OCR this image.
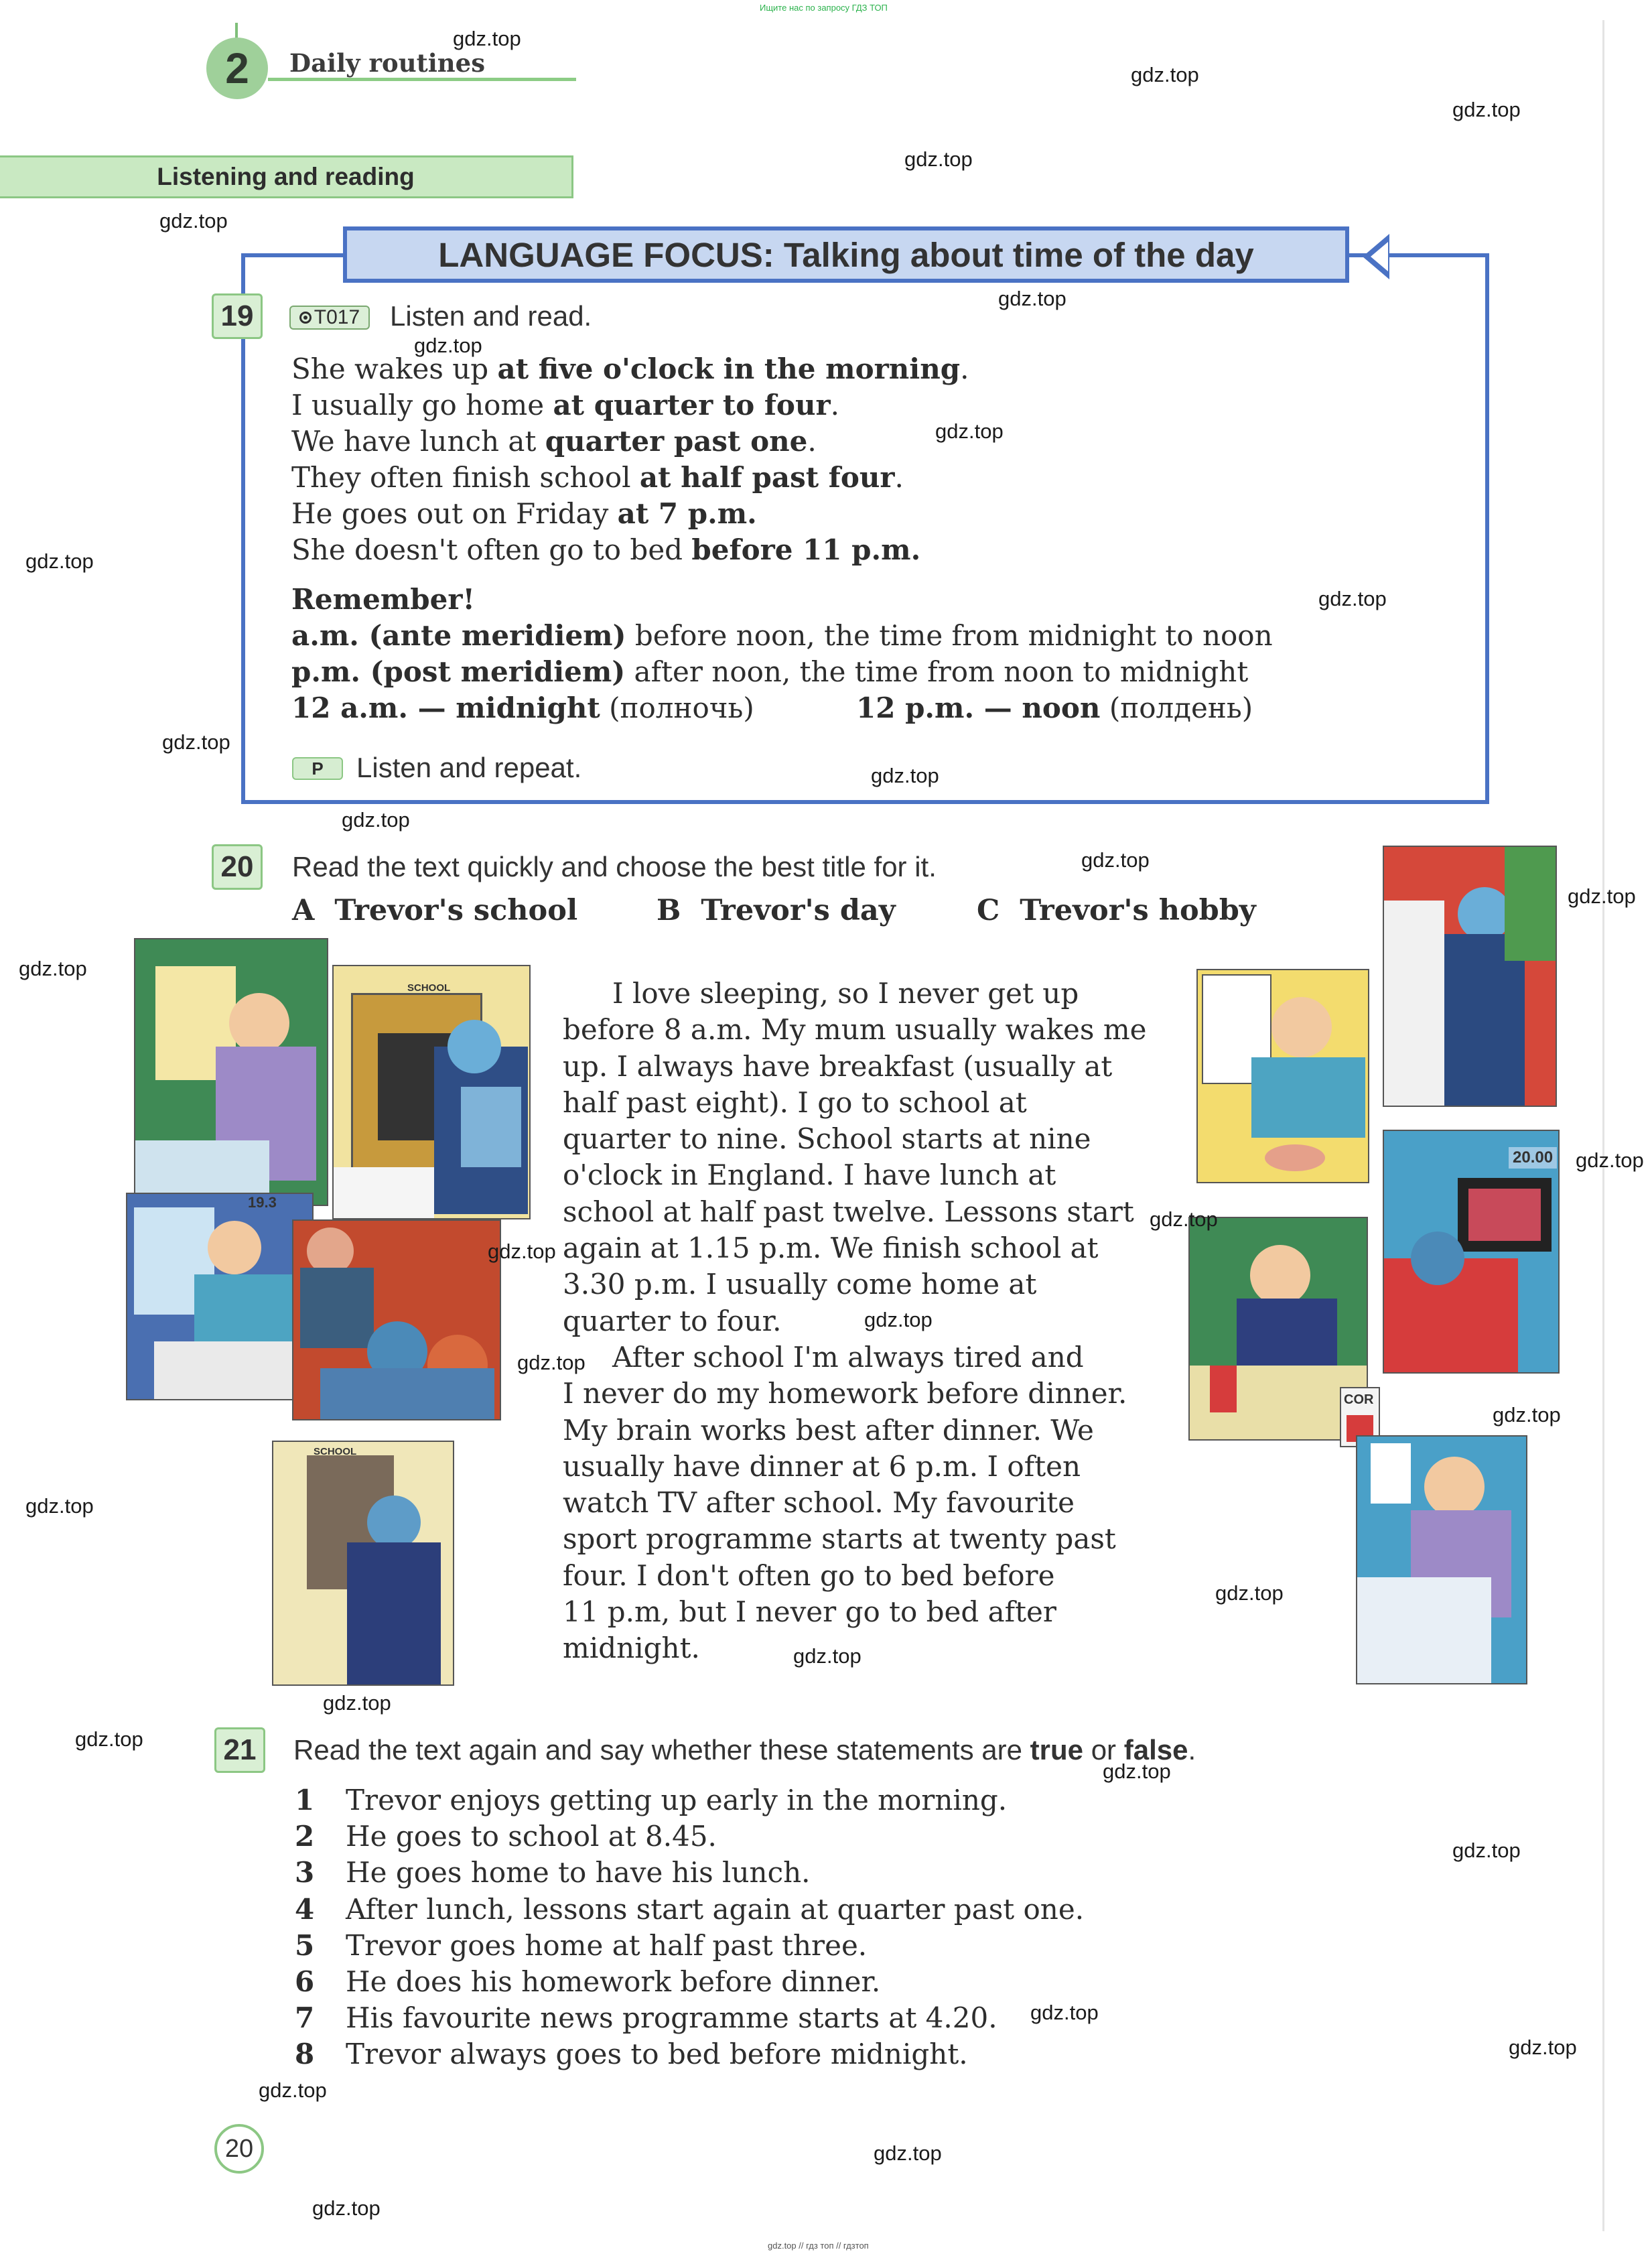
Ищите нас по запросу ГДЗ ТОП
2	Daily routines
Listening and reading
LANGUAGE FOCUS: Talking about time of the day
19	T017 Listen and read.
She wakes up at five o'clock in the morning.
I usually go home at quarter to four.
We have lunch at quarter past one.
They often finish school at half past four.
He goes out on Friday at 7 p.m.
She doesn't often go to bed before 11 p.m.
Remember!
a.m. (ante meridiem) before noon, the time from midnight to noon
p.m. (post meridiem) after noon, the time from noon to midnight
12 a.m. — midnight (полночь)	12 p.m. — noon (полдень)
P	Listen and repeat.
20	Read the text quickly and choose the best title for it.
A Trevor's school	B Trevor's day	C Trevor's hobby

I love sleeping, so I never get up

before 8 a.m. My mum usually wakes me

up. I always have breakfast (usually at

half past eight). I go to school at

quarter to nine. School starts at nine

o'clock in England. I have lunch at

school at half past twelve. Lessons start

again at 1.15 p.m. We finish school at

3.30 p.m. I usually come home at

quarter to four.

After school I'm always tired and

I never do my homework before dinner.

My brain works best after dinner. We

usually have dinner at 6 p.m. I often

watch TV after school. My favourite

sport programme starts at twenty past

four. I don't often go to bed before

11 p.m, but I never go to bed after

midnight.

SCHOOL
19.3
SCHOOL
20.00
COR
21	Read the text again and say whether these statements are true or false.
1 Trevor enjoys getting up early in the morning.
2 He goes to school at 8.45.
3 He goes home to have his lunch.
4 After lunch, lessons start again at quarter past one.
5 Trevor goes home at half past three.
6 He does his homework before dinner.
7 His favourite news programme starts at 4.20.
8 Trevor always goes to bed before midnight.
20
gdz.top // гдз топ // гдзтоп
gdz.top
gdz.top
gdz.top
gdz.top
gdz.top
gdz.top
gdz.top
gdz.top
gdz.top
gdz.top
gdz.top
gdz.top
gdz.top
gdz.top
gdz.top
gdz.top
gdz.top
gdz.top
gdz.top
gdz.top
gdz.top
gdz.top
gdz.top
gdz.top
gdz.top
gdz.top
gdz.top
gdz.top
gdz.top
gdz.top
gdz.top
gdz.top
gdz.top
gdz.top
